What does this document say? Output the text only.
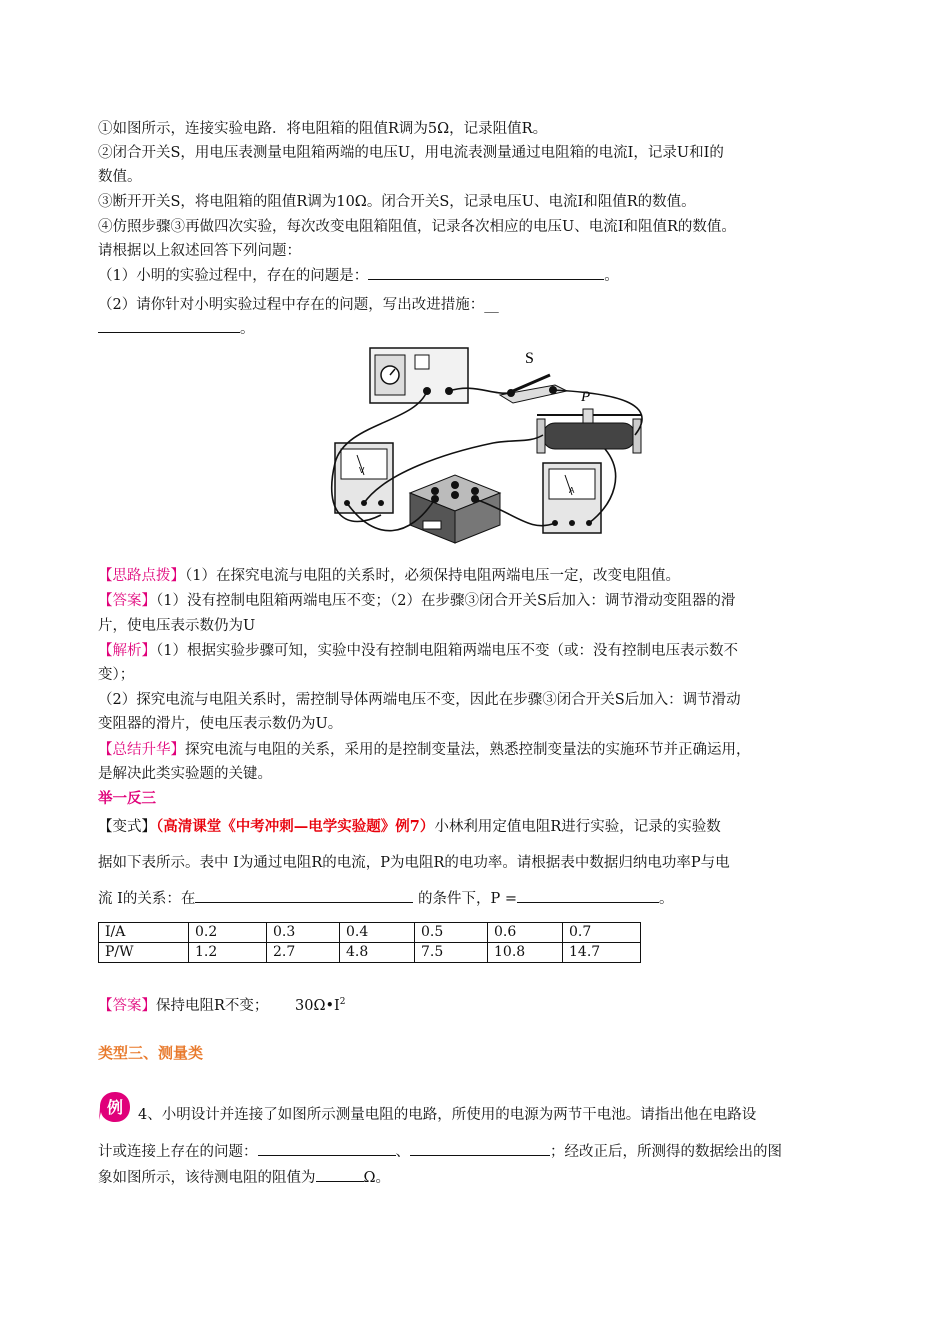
①如图所示，连接实验电路．将电阻箱的阻值R调为5Ω，记录阻值R。
②闭合开关S，用电压表测量电阻箱两端的电压U，用电流表测量通过电阻箱的电流I，记录U和I的
数值。
③断开开关S，将电阻箱的阻值R调为10Ω。闭合开关S，记录电压U、电流I和阻值R的数值。
④仿照步骤③再做四次实验，每次改变电阻箱阻值，记录各次相应的电压U、电流I和阻值R的数值。
请根据以上叙述回答下列问题：
（1）小明的实验过程中，存在的问题是：	。
（2）请你针对小明实验过程中存在的问题，写出改进措施：__
。
S
P
V
A
【思路点拨】（1）在探究电流与电阻的关系时，必须保持电阻两端电压一定，改变电阻值。
【答案】（1）没有控制电阻箱两端电压不变；（2）在步骤③闭合开关S后加入：调节滑动变阻器的滑
片，使电压表示数仍为U
【解析】（1）根据实验步骤可知，实验中没有控制电阻箱两端电压不变（或：没有控制电压表示数不
变）；
（2）探究电流与电阻关系时，需控制导体两端电压不变，因此在步骤③闭合开关S后加入：调节滑动
变阻器的滑片，使电压表示数仍为U。
【总结升华】探究电流与电阻的关系，采用的是控制变量法，熟悉控制变量法的实施环节并正确运用，
是解决此类实验题的关键。
举一反三
【变式】（高清课堂《中考冲刺—电学实验题》例7）小林利用定值电阻R进行实验，记录的实验数
据如下表所示。表中 I为通过电阻R的电流，P为电阻R的电功率。请根据表中数据归纳电功率P与电
流 I的关系：在	的条件下，P =	。
I/A	0.2	0.3	0.4	0.5	0.6	0.7
P/W	1.2	2.7	4.8	7.5	10.8	14.7
【答案】保持电阻R不变； $30\Omega•I^2$
类型三、测量类
例 4、小明设计并连接了如图所示测量电阻的电路，所使用的电源为两节干电池。请指出他在电路设
计或连接上存在的问题：	、	；经改正后，所测得的数据绘出的图
象如图所示，该待测电阻的阻值为	Ω。
